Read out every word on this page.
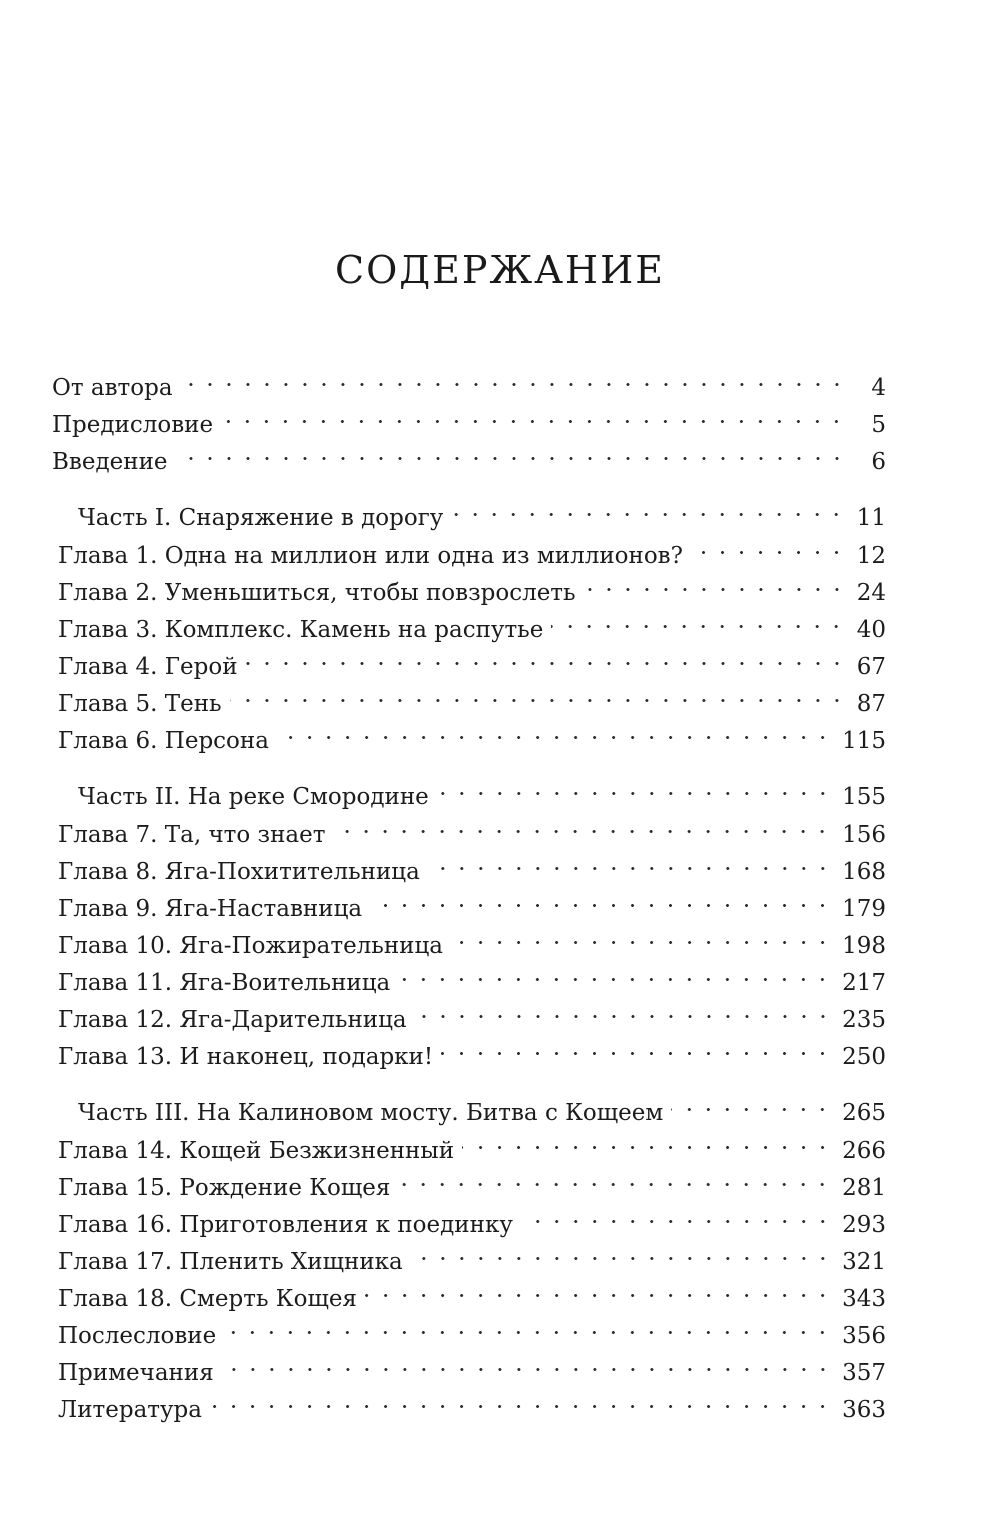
СОДЕРЖАНИЕ
От автора	4
Предисловие	5
Введение	6
Часть I. Снаряжение в дорогу	11
Глава 1. Одна на миллион или одна из миллионов?	12
Глава 2. Уменьшиться, чтобы повзрослеть	24
Глава 3. Комплекс. Камень на распутье	40
Глава 4. Герой	67
Глава 5. Тень	87
Глава 6. Персона	115
Часть II. На реке Смородине	155
Глава 7. Та, что знает	156
Глава 8. Яга-Похитительница	168
Глава 9. Яга-Наставница	179
Глава 10. Яга-Пожирательница	198
Глава 11. Яга-Воительница	217
Глава 12. Яга-Дарительница	235
Глава 13. И наконец, подарки!	250
Часть III. На Калиновом мосту. Битва с Кощеем	265
Глава 14. Кощей Безжизненный	266
Глава 15. Рождение Кощея	281
Глава 16. Приготовления к поединку	293
Глава 17. Пленить Хищника	321
Глава 18. Смерть Кощея	343
Послесловие	356
Примечания	357
Литература	363
